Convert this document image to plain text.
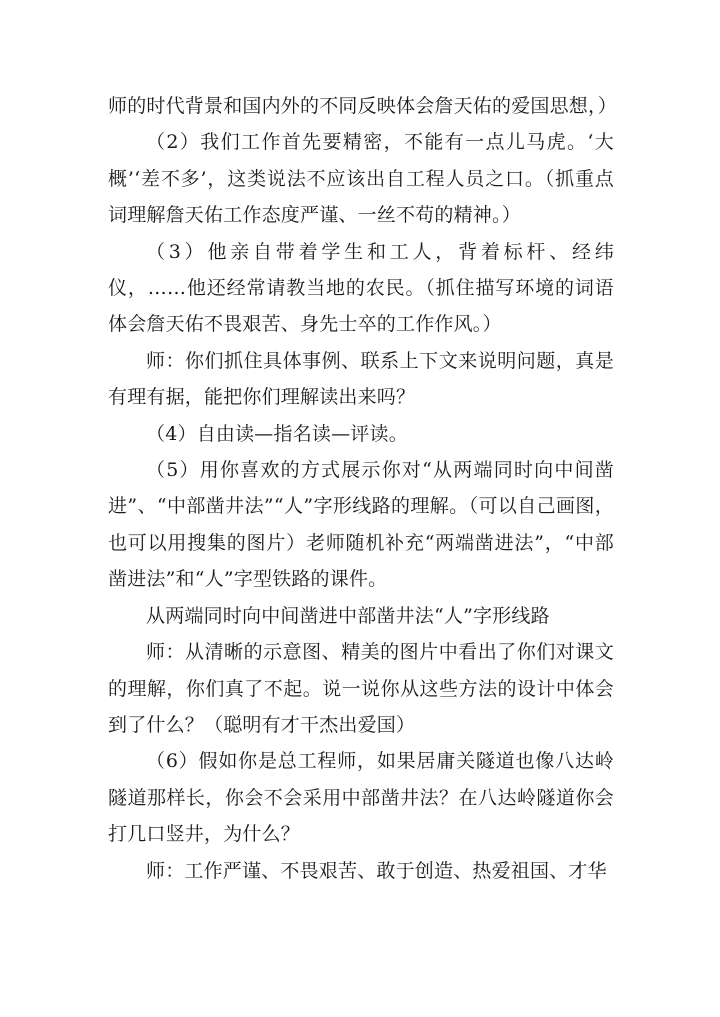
师的时代背景和国内外的不同反映体会詹天佑的爱国思想，）

（2）我们工作首先要精密，不能有一点儿马虎。‘大概’‘差不多’，这类说法不应该出自工程人员之口。（抓重点词理解詹天佑工作态度严谨、一丝不苟的精神。）

（3）他亲自带着学生和工人，背着标杆、经纬仪，……他还经常请教当地的农民。（抓住描写环境的词语体会詹天佑不畏艰苦、身先士卒的工作作风。）

师：你们抓住具体事例、联系上下文来说明问题，真是有理有据，能把你们理解读出来吗？

（4）自由读—指名读—评读。

（5）用你喜欢的方式展示你对“从两端同时向中间凿进”、“中部凿井法”“人”字形线路的理解。（可以自己画图，也可以用搜集的图片）老师随机补充“两端凿进法”，“中部凿进法”和“人”字型铁路的课件。

从两端同时向中间凿进中部凿井法“人”字形线路

师：从清晰的示意图、精美的图片中看出了你们对课文的理解，你们真了不起。说一说你从这些方法的设计中体会到了什么？（聪明有才干杰出爱国）

（6）假如你是总工程师，如果居庸关隧道也像八达岭隧道那样长，你会不会采用中部凿井法？在八达岭隧道你会打几口竖井，为什么？

师：工作严谨、不畏艰苦、敢于创造、热爱祖国、才华
